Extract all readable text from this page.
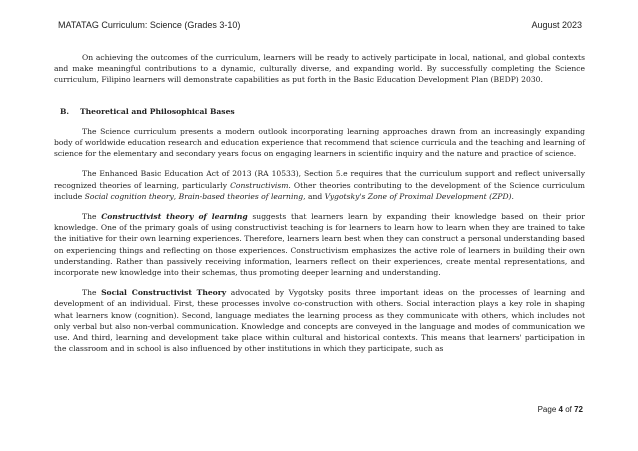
MATATAG Curriculum: Science (Grades 3-10)	August 2023

On achieving the outcomes of the curriculum, learners will be ready to actively participate in local, national, and global contexts and make meaningful contributions to a dynamic, culturally diverse, and expanding world. By successfully completing the Science curriculum, Filipino learners will demonstrate capabilities as put forth in the Basic Education Development Plan (BEDP) 2030.

B. Theoretical and Philosophical Bases

The Science curriculum presents a modern outlook incorporating learning approaches drawn from an increasingly expanding body of worldwide education research and education experience that recommend that science curricula and the teaching and learning of science for the elementary and secondary years focus on engaging learners in scientific inquiry and the nature and practice of science.

The Enhanced Basic Education Act of 2013 (RA 10533), Section 5.e requires that the curriculum support and reflect universally recognized theories of learning, particularly Constructivism. Other theories contributing to the development of the Science curriculum include Social cognition theory, Brain-based theories of learning, and Vygotsky's Zone of Proximal Development (ZPD).

The Constructivist theory of learning suggests that learners learn by expanding their knowledge based on their prior knowledge. One of the primary goals of using constructivist teaching is for learners to learn how to learn when they are trained to take the initiative for their own learning experiences. Therefore, learners learn best when they can construct a personal understanding based on experiencing things and reflecting on those experiences. Constructivism emphasizes the active role of learners in building their own understanding. Rather than passively receiving information, learners reflect on their experiences, create mental representations, and incorporate new knowledge into their schemas, thus promoting deeper learning and understanding.

The Social Constructivist Theory advocated by Vygotsky posits three important ideas on the processes of learning and development of an individual. First, these processes involve co-construction with others. Social interaction plays a key role in shaping what learners know (cognition). Second, language mediates the learning process as they communicate with others, which includes not only verbal but also non-verbal communication. Knowledge and concepts are conveyed in the language and modes of communication we use. And third, learning and development take place within cultural and historical contexts. This means that learners' participation in the classroom and in school is also influenced by other institutions in which they participate, such as

Page 4 of 72
